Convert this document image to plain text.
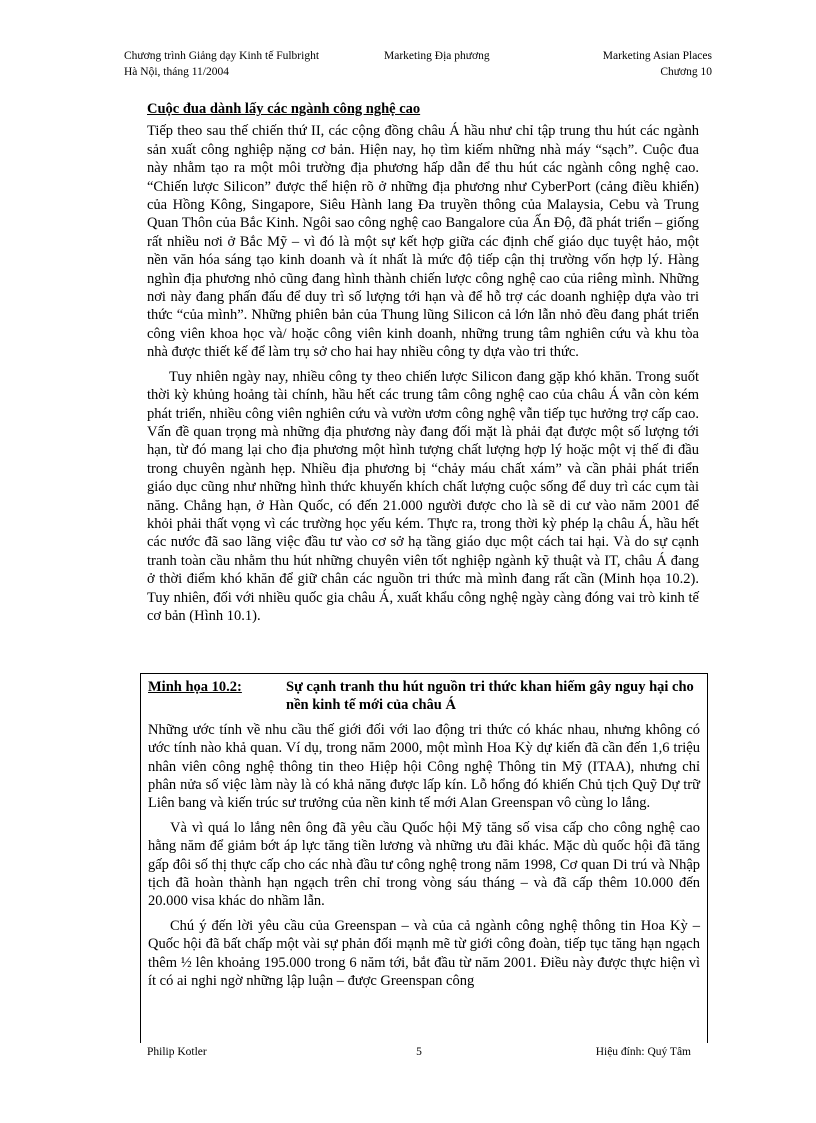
Chương trình Giảng dạy Kinh tế Fulbright
Hà Nội, tháng 11/2004
Marketing Địa phương	Marketing Asian Places
Chương 10

Cuộc đua dành lấy các ngành công nghệ cao

Tiếp theo sau thế chiến thứ II, các cộng đồng châu Á hầu như chỉ tập trung thu hút các ngành sản xuất công nghiệp nặng cơ bản. Hiện nay, họ tìm kiếm những nhà máy “sạch”. Cuộc đua này nhằm tạo ra một môi trường địa phương hấp dẫn để thu hút các ngành công nghệ cao. “Chiến lược Silicon” được thể hiện rõ ở những địa phương như CyberPort (cảng điều khiển) của Hồng Kông, Singapore, Siêu Hành lang Đa truyền thông của Malaysia, Cebu và Trung Quan Thôn của Bắc Kinh. Ngôi sao công nghệ cao Bangalore của Ấn Độ, đã phát triển – giống rất nhiều nơi ở Bắc Mỹ – vì đó là một sự kết hợp giữa các định chế giáo dục tuyệt hảo, một nền văn hóa sáng tạo kinh doanh và ít nhất là mức độ tiếp cận thị trường vốn hợp lý. Hàng nghìn địa phương nhỏ cũng đang hình thành chiến lược công nghệ cao của riêng mình. Những nơi này đang phấn đấu để duy trì số lượng tới hạn và để hỗ trợ các doanh nghiệp dựa vào tri thức “của mình”. Những phiên bản của Thung lũng Silicon cả lớn lẫn nhỏ đều đang phát triển công viên khoa học và/ hoặc công viên kinh doanh, những trung tâm nghiên cứu và khu tòa nhà được thiết kế để làm trụ sở cho hai hay nhiều công ty dựa vào tri thức.

Tuy nhiên ngày nay, nhiều công ty theo chiến lược Silicon đang gặp khó khăn. Trong suốt thời kỳ khủng hoảng tài chính, hầu hết các trung tâm công nghệ cao của châu Á vẫn còn kém phát triển, nhiều công viên nghiên cứu và vườn ươm công nghệ vẫn tiếp tục hưởng trợ cấp cao. Vấn đề quan trọng mà những địa phương này đang đối mặt là phải đạt được một số lượng tới hạn, từ đó mang lại cho địa phương một hình tượng chất lượng hợp lý hoặc một vị thế đi đầu trong chuyên ngành hẹp. Nhiều địa phương bị “chảy máu chất xám” và cần phải phát triển giáo dục cũng như những hình thức khuyến khích chất lượng cuộc sống để duy trì các cụm tài năng. Chẳng hạn, ở Hàn Quốc, có đến 21.000 người được cho là sẽ di cư vào năm 2001 để khỏi phải thất vọng vì các trường học yếu kém. Thực ra, trong thời kỳ phép lạ châu Á, hầu hết các nước đã sao lãng việc đầu tư vào cơ sở hạ tầng giáo dục một cách tai hại. Và do sự cạnh tranh toàn cầu nhằm thu hút những chuyên viên tốt nghiệp ngành kỹ thuật và IT, châu Á đang ở thời điểm khó khăn để giữ chân các nguồn tri thức mà mình đang rất cần (Minh họa 10.2). Tuy nhiên, đối với nhiều quốc gia châu Á, xuất khẩu công nghệ ngày càng đóng vai trò kinh tế cơ bản (Hình 10.1).

Minh họa 10.2:	Sự cạnh tranh thu hút nguồn tri thức khan hiếm gây nguy hại cho nền kinh tế mới của châu Á

Những ước tính về nhu cầu thế giới đối với lao động tri thức có khác nhau, nhưng không có ước tính nào khả quan. Ví dụ, trong năm 2000, một mình Hoa Kỳ dự kiến đã cần đến 1,6 triệu nhân viên công nghệ thông tin theo Hiệp hội Công nghệ Thông tin Mỹ (ITAA), nhưng chỉ phân nửa số việc làm này là có khả năng được lấp kín. Lỗ hổng đó khiến Chủ tịch Quỹ Dự trữ Liên bang và kiến trúc sư trưởng của nền kinh tế mới Alan Greenspan vô cùng lo lắng.

Và vì quá lo lắng nên ông đã yêu cầu Quốc hội Mỹ tăng số visa cấp cho công nghệ cao hằng năm để giảm bớt áp lực tăng tiền lương và những ưu đãi khác. Mặc dù quốc hội đã tăng gấp đôi số thị thực cấp cho các nhà đầu tư công nghệ trong năm 1998, Cơ quan Di trú và Nhập tịch đã hoàn thành hạn ngạch trên chỉ trong vòng sáu tháng – và đã cấp thêm 10.000 đến 20.000 visa khác do nhầm lẫn.

Chú ý đến lời yêu cầu của Greenspan – và của cả ngành công nghệ thông tin Hoa Kỳ – Quốc hội đã bất chấp một vài sự phản đối mạnh mẽ từ giới công đoàn, tiếp tục tăng hạn ngạch thêm ½ lên khoảng 195.000 trong 6 năm tới, bắt đầu từ năm 2001. Điều này được thực hiện vì ít có ai nghi ngờ những lập luận – được Greenspan công

Philip Kotler	5	Hiệu đính: Quý Tâm
